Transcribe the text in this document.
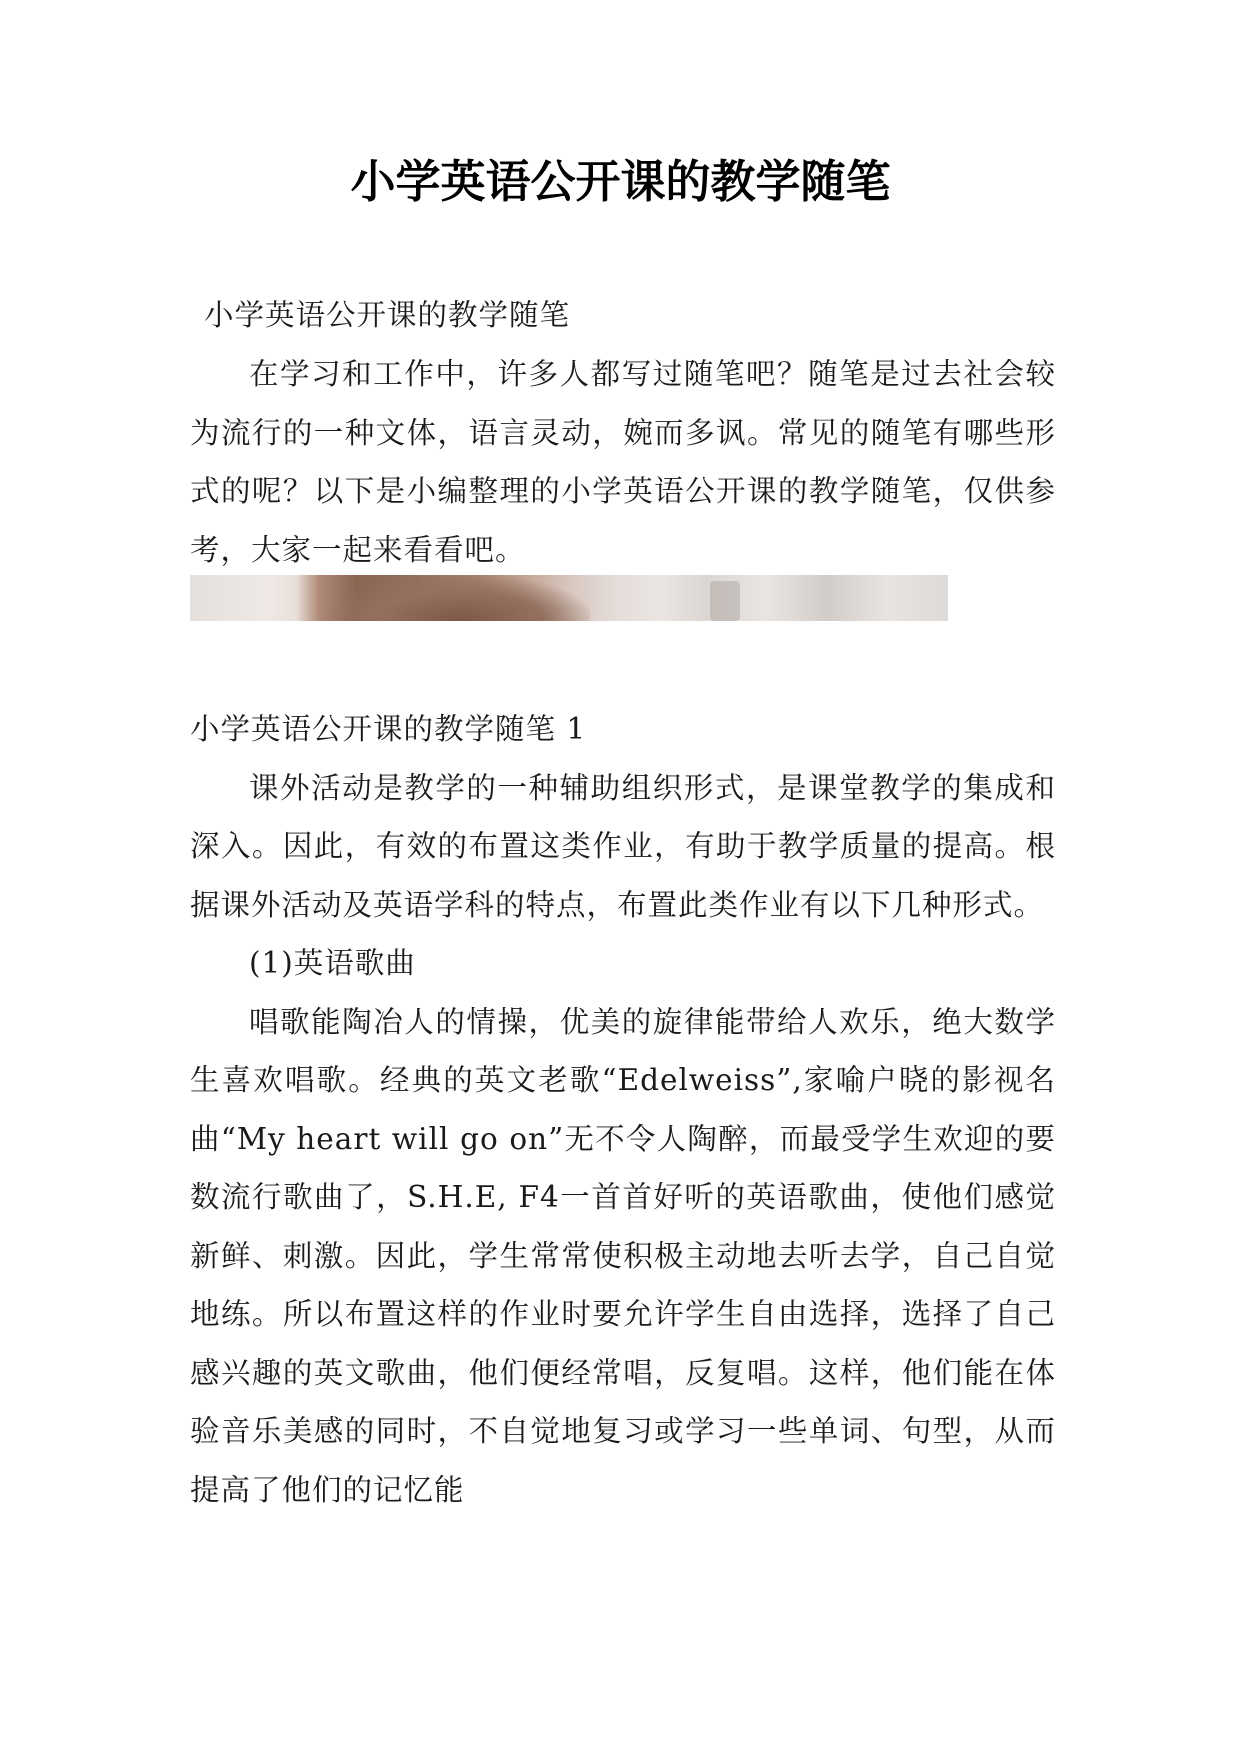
小学英语公开课的教学随笔

小学英语公开课的教学随笔

在学习和工作中，许多人都写过随笔吧？随笔是过去社会较为流行的一种文体，语言灵动，婉而多讽。常见的随笔有哪些形式的呢？以下是小编整理的小学英语公开课的教学随笔，仅供参考，大家一起来看看吧。

小学英语公开课的教学随笔 1

课外活动是教学的一种辅助组织形式，是课堂教学的集成和深入。因此，有效的布置这类作业，有助于教学质量的提高。根据课外活动及英语学科的特点，布置此类作业有以下几种形式。

(1)英语歌曲

唱歌能陶冶人的情操，优美的旋律能带给人欢乐，绝大数学生喜欢唱歌。经典的英文老歌“Edelweiss”,家喻户晓的影视名曲“My heart will go on”无不令人陶醉，而最受学生欢迎的要数流行歌曲了，S.H.E, F4一首首好听的英语歌曲，使他们感觉新鲜、刺激。因此，学生常常使积极主动地去听去学，自己自觉地练。所以布置这样的作业时要允许学生自由选择，选择了自己感兴趣的英文歌曲，他们便经常唱，反复唱。这样，他们能在体验音乐美感的同时，不自觉地复习或学习一些单词、句型，从而提高了他们的记忆能
